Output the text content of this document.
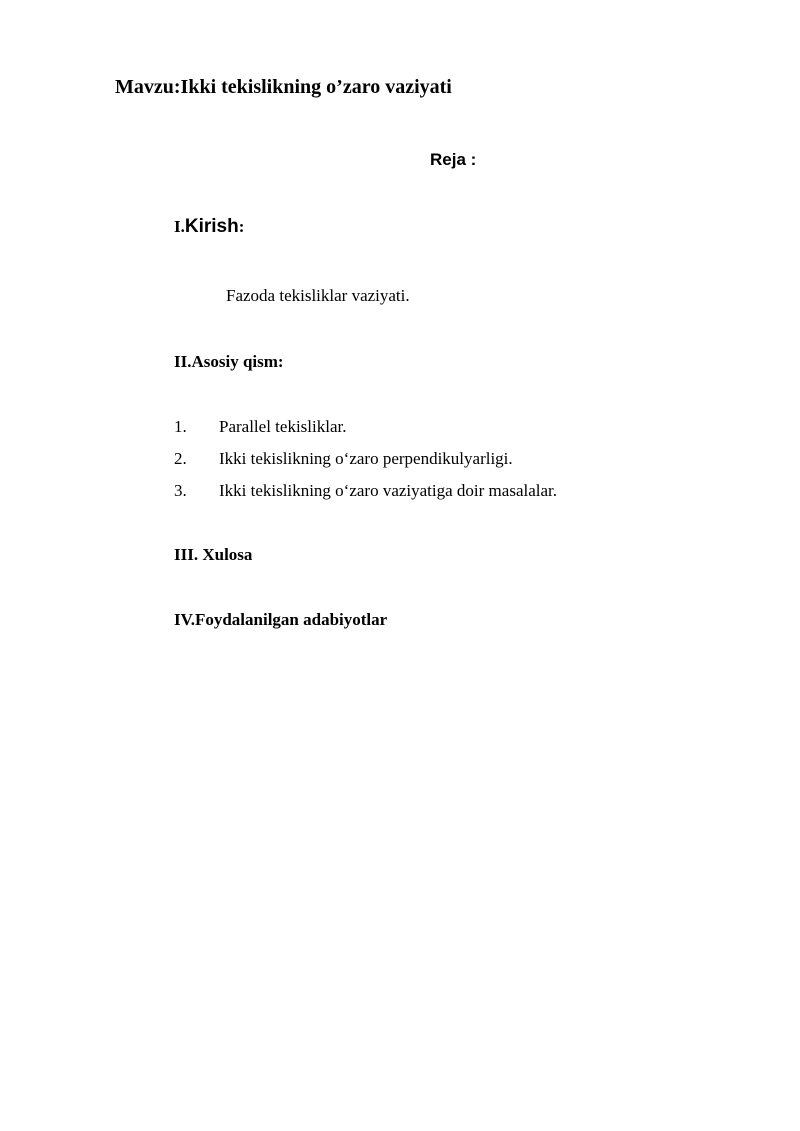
Mavzu:Ikki tekislikning o’zaro vaziyati
Reja :
I.Kirish:
Fazoda tekisliklar vaziyati.
II.Asosiy qism:
1.	Parallel tekisliklar.
2.	Ikki tekislikning o‘zaro perpendikulyarligi.
3.	Ikki tekislikning o‘zaro vaziyatiga doir masalalar.
III. Xulosa
IV.Foydalanilgan adabiyotlar
